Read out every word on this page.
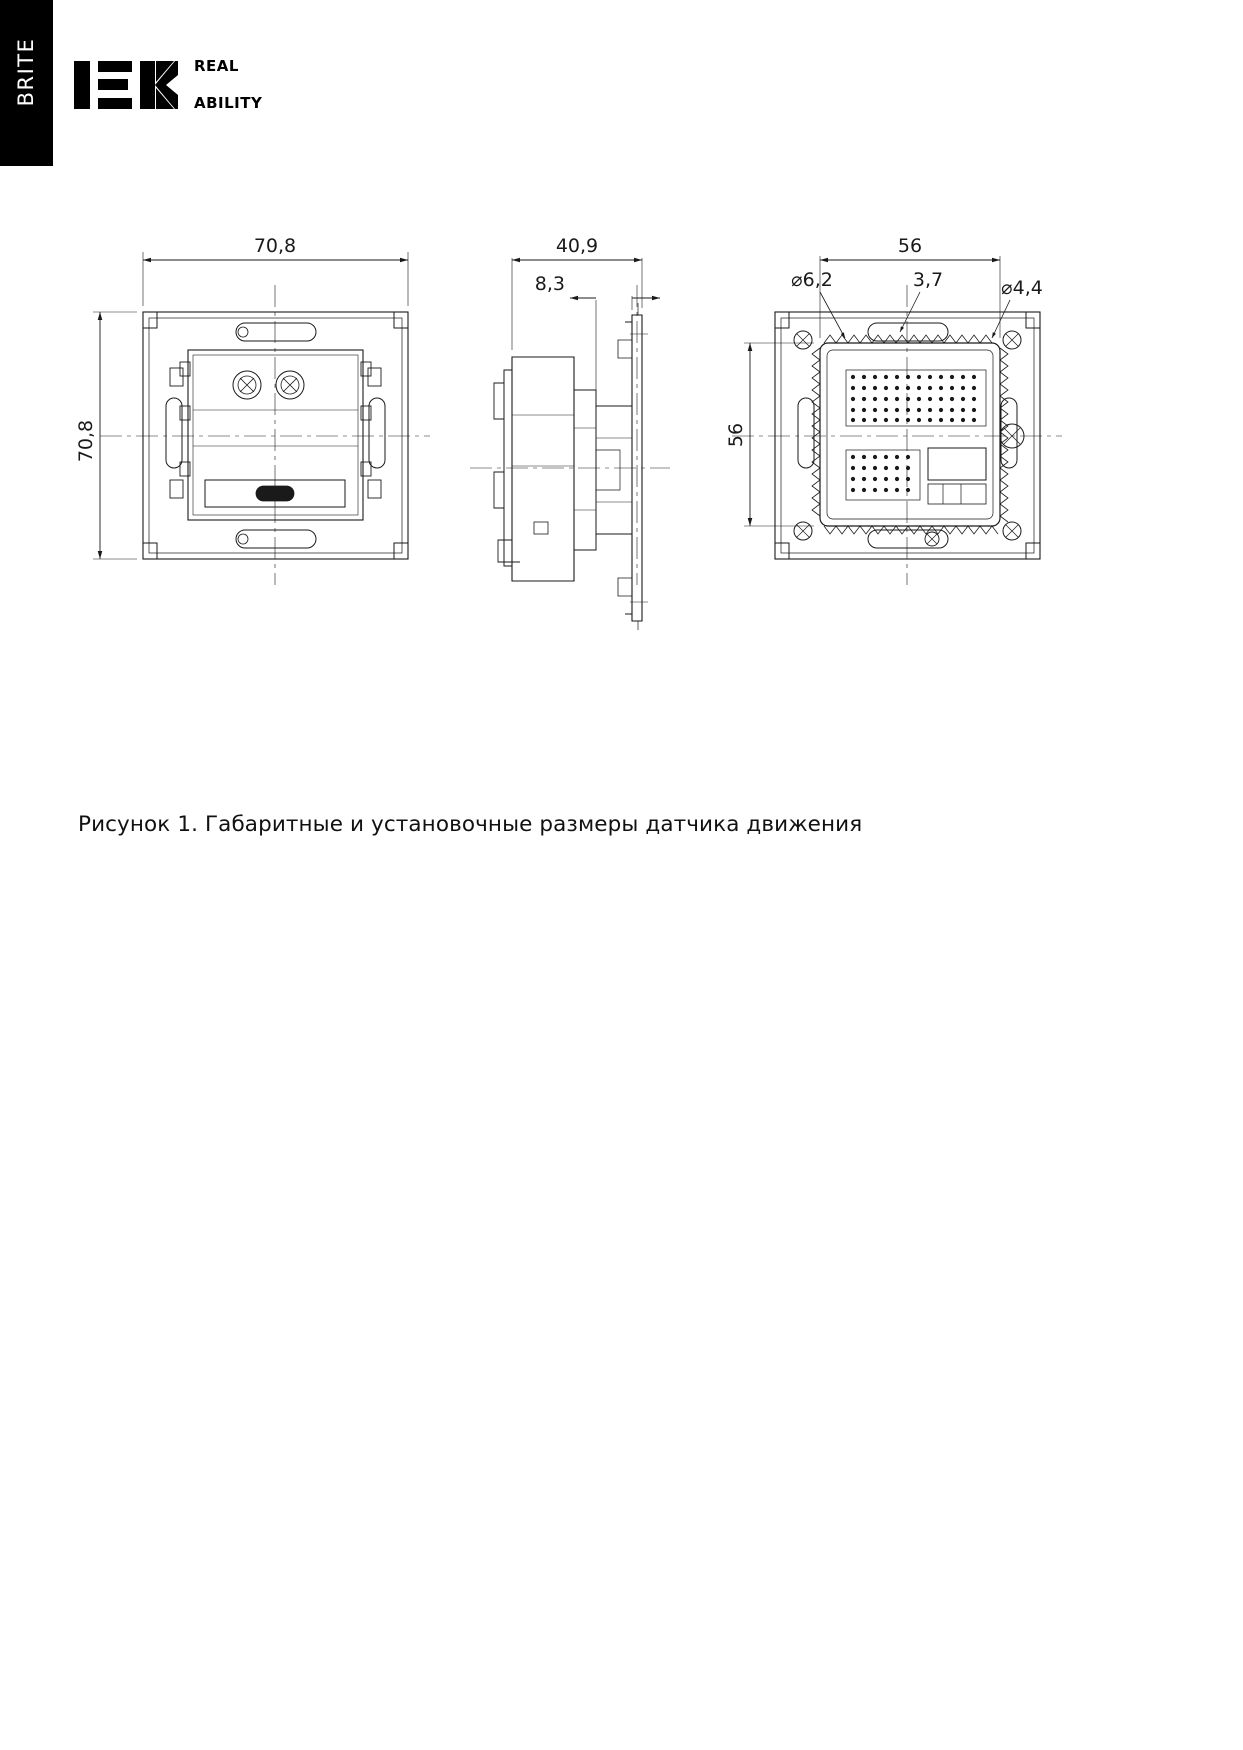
BRITE	REAL

ABILITY

70,8
70,8
40,9
8,3
56
56
⌀6,2	3,7	⌀4,4
Рисунок 1. Габаритные и установочные размеры датчика движения
